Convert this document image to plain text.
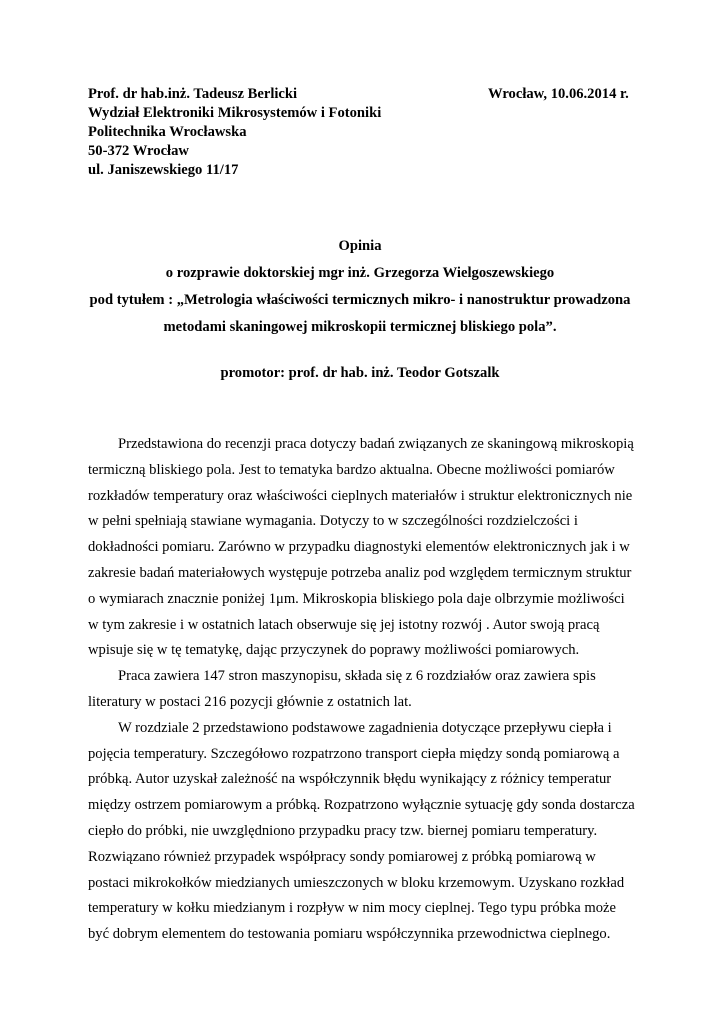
Prof. dr hab.inż. Tadeusz Berlicki
Wydział Elektroniki Mikrosystemów i Fotoniki
Politechnika Wrocławska
50-372 Wrocław
ul. Janiszewskiego 11/17
Wrocław, 10.06.2014 r.
Opinia
o rozprawie doktorskiej mgr inż. Grzegorza Wielgoszewskiego
pod tytułem : „Metrologia właściwości termicznych mikro- i nanostruktur prowadzona
metodami skaningowej mikroskopii termicznej bliskiego pola”.
promotor: prof. dr hab. inż. Teodor Gotszalk
Przedstawiona do recenzji praca dotyczy badań związanych ze skaningową mikroskopią
termiczną bliskiego pola. Jest to tematyka bardzo aktualna. Obecne możliwości pomiarów
rozkładów temperatury oraz właściwości cieplnych materiałów i struktur elektronicznych nie
w pełni spełniają stawiane wymagania. Dotyczy to w szczególności rozdzielczości i
dokładności pomiaru. Zarówno w przypadku diagnostyki elementów elektronicznych jak i w
zakresie badań materiałowych występuje potrzeba analiz pod względem termicznym struktur
o wymiarach znacznie poniżej 1μm. Mikroskopia bliskiego pola daje olbrzymie możliwości
w tym zakresie i w ostatnich latach obserwuje się jej istotny rozwój . Autor swoją pracą
wpisuje się w tę tematykę, dając przyczynek do poprawy możliwości pomiarowych.
Praca zawiera 147 stron maszynopisu, składa się z 6 rozdziałów oraz zawiera spis
literatury w postaci 216 pozycji głównie z ostatnich lat.
W rozdziale 2 przedstawiono podstawowe zagadnienia dotyczące przepływu ciepła i
pojęcia temperatury. Szczegółowo rozpatrzono transport ciepła między sondą pomiarową a
próbką. Autor uzyskał zależność na współczynnik błędu wynikający z różnicy temperatur
między ostrzem pomiarowym a próbką. Rozpatrzono wyłącznie sytuację gdy sonda dostarcza
ciepło do próbki, nie uwzględniono przypadku pracy tzw. biernej pomiaru temperatury.
Rozwiązano również przypadek współpracy sondy pomiarowej z próbką pomiarową w
postaci mikrokołków miedzianych umieszczonych w bloku krzemowym. Uzyskano rozkład
temperatury w kołku miedzianym i rozpływ w nim mocy cieplnej. Tego typu próbka może
być dobrym elementem do testowania pomiaru współczynnika przewodnictwa cieplnego.
